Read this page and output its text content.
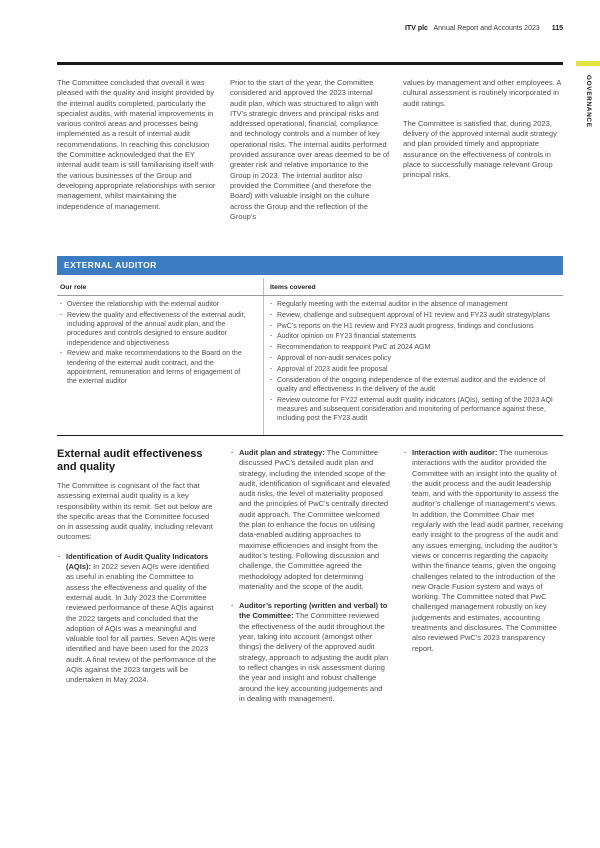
ITV plc Annual Report and Accounts 2023 115
GOVERNANCE

The Committee concluded that overall it was pleased with the quality and insight provided by the internal audits completed, particularly the specialist audits, with material improvements in various control areas and processes being implemented as a result of internal audit recommendations. In reaching this conclusion the Committee acknowledged that the EY internal audit team is still familiarising itself with the various businesses of the Group and developing appropriate relationships with senior management, whilst maintaining the independence of management.

Prior to the start of the year, the Committee considered and approved the 2023 internal audit plan, which was structured to align with ITV’s strategic drivers and principal risks and addressed operational, financial, compliance and technology controls and a number of key operational risks. The internal audits performed provided assurance over areas deemed to be of greater risk and relative importance to the Group in 2023. The internal auditor also provided the Committee (and therefore the Board) with valuable insight on the culture across the Group and the reflection of the Group’s

values by management and other employees. A cultural assessment is routinely incorporated in audit ratings.

The Committee is satisfied that, during 2023, delivery of the approved internal audit strategy and plan provided timely and appropriate assurance on the effectiveness of controls in place to successfully manage relevant Group principal risks.

EXTERNAL AUDITOR
Our role	Items covered
· Oversee the relationship with the external auditor
· Review the quality and effectiveness of the external audit, including approval of the annual audit plan, and the procedures and controls designed to ensure auditor independence and objectiveness
· Review and make recommendations to the Board on the tendering of the external audit contract, and the appointment, remuneration and terms of engagement of the external auditor
· Regularly meeting with the external auditor in the absence of management
· Review, challenge and subsequent approval of H1 review and FY23 audit strategy/plans
· PwC’s reports on the H1 review and FY23 audit progress, findings and conclusions
· Auditor opinion on FY23 financial statements
· Recommendation to reappoint PwC at 2024 AGM
· Approval of non-audit services policy
· Approval of 2023 audit fee proposal
· Consideration of the ongoing independence of the external auditor and the evidence of quality and effectiveness in the delivery of the audit
· Review outcome for FY22 external audit quality indicators (AQIs), setting of the 2023 AQI measures and subsequent consideration and monitoring of performance against these, including post the FY23 audit
External audit effectiveness and quality

The Committee is cognisant of the fact that assessing external audit quality is a key responsibility within its remit. Set out below are the specific areas that the Committee focused on in assessing audit quality, including relevant outcomes:

· Identification of Audit Quality Indicators (AQIs): In 2022 seven AQIs were identified as useful in enabling the Committee to assess the effectiveness and quality of the external audit. In July 2023 the Committee reviewed performance of these AQIs against the 2022 targets and concluded that the adoption of AQIs was a meaningful and valuable tool for all parties. Seven AQIs were identified and have been used for the 2023 audit. A final review of the performance of the AQIs against the 2023 targets will be undertaken in May 2024.
· Audit plan and strategy: The Committee discussed PwC’s detailed audit plan and strategy, including the intended scope of the audit, identification of significant and elevated audit risks, the level of materiality proposed and the principles of PwC’s centrally directed audit approach. The Committee welcomed the plan to enhance the focus on utilising data-enabled auditing approaches to maximise efficiencies and insight from the auditor’s testing. Following discussion and challenge, the Committee agreed the methodology adopted for determining materiality and the scope of the audit.
· Auditor’s reporting (written and verbal) to the Committee: The Committee reviewed the effectiveness of the audit throughout the year, taking into account (amongst other things) the delivery of the approved audit strategy, approach to adjusting the audit plan to reflect changes in risk assessment during the year and insight and robust challenge around the key accounting judgements and in dealing with management.
· Interaction with auditor: The numerous interactions with the auditor provided the Committee with an insight into the quality of the audit process and the audit leadership team, and with the opportunity to assess the auditor’s challenge of management’s views. In addition, the Committee Chair met regularly with the lead audit partner, receiving early insight to the progress of the audit and any issues emerging, including the auditor’s views or concerns regarding the capacity within the finance teams, given the ongoing challenges related to the introduction of the new Oracle Fusion system and ways of working. The Committee noted that PwC challenged management robustly on key judgements and estimates, accounting treatments and disclosures. The Committee also reviewed PwC’s 2023 transparency report.
